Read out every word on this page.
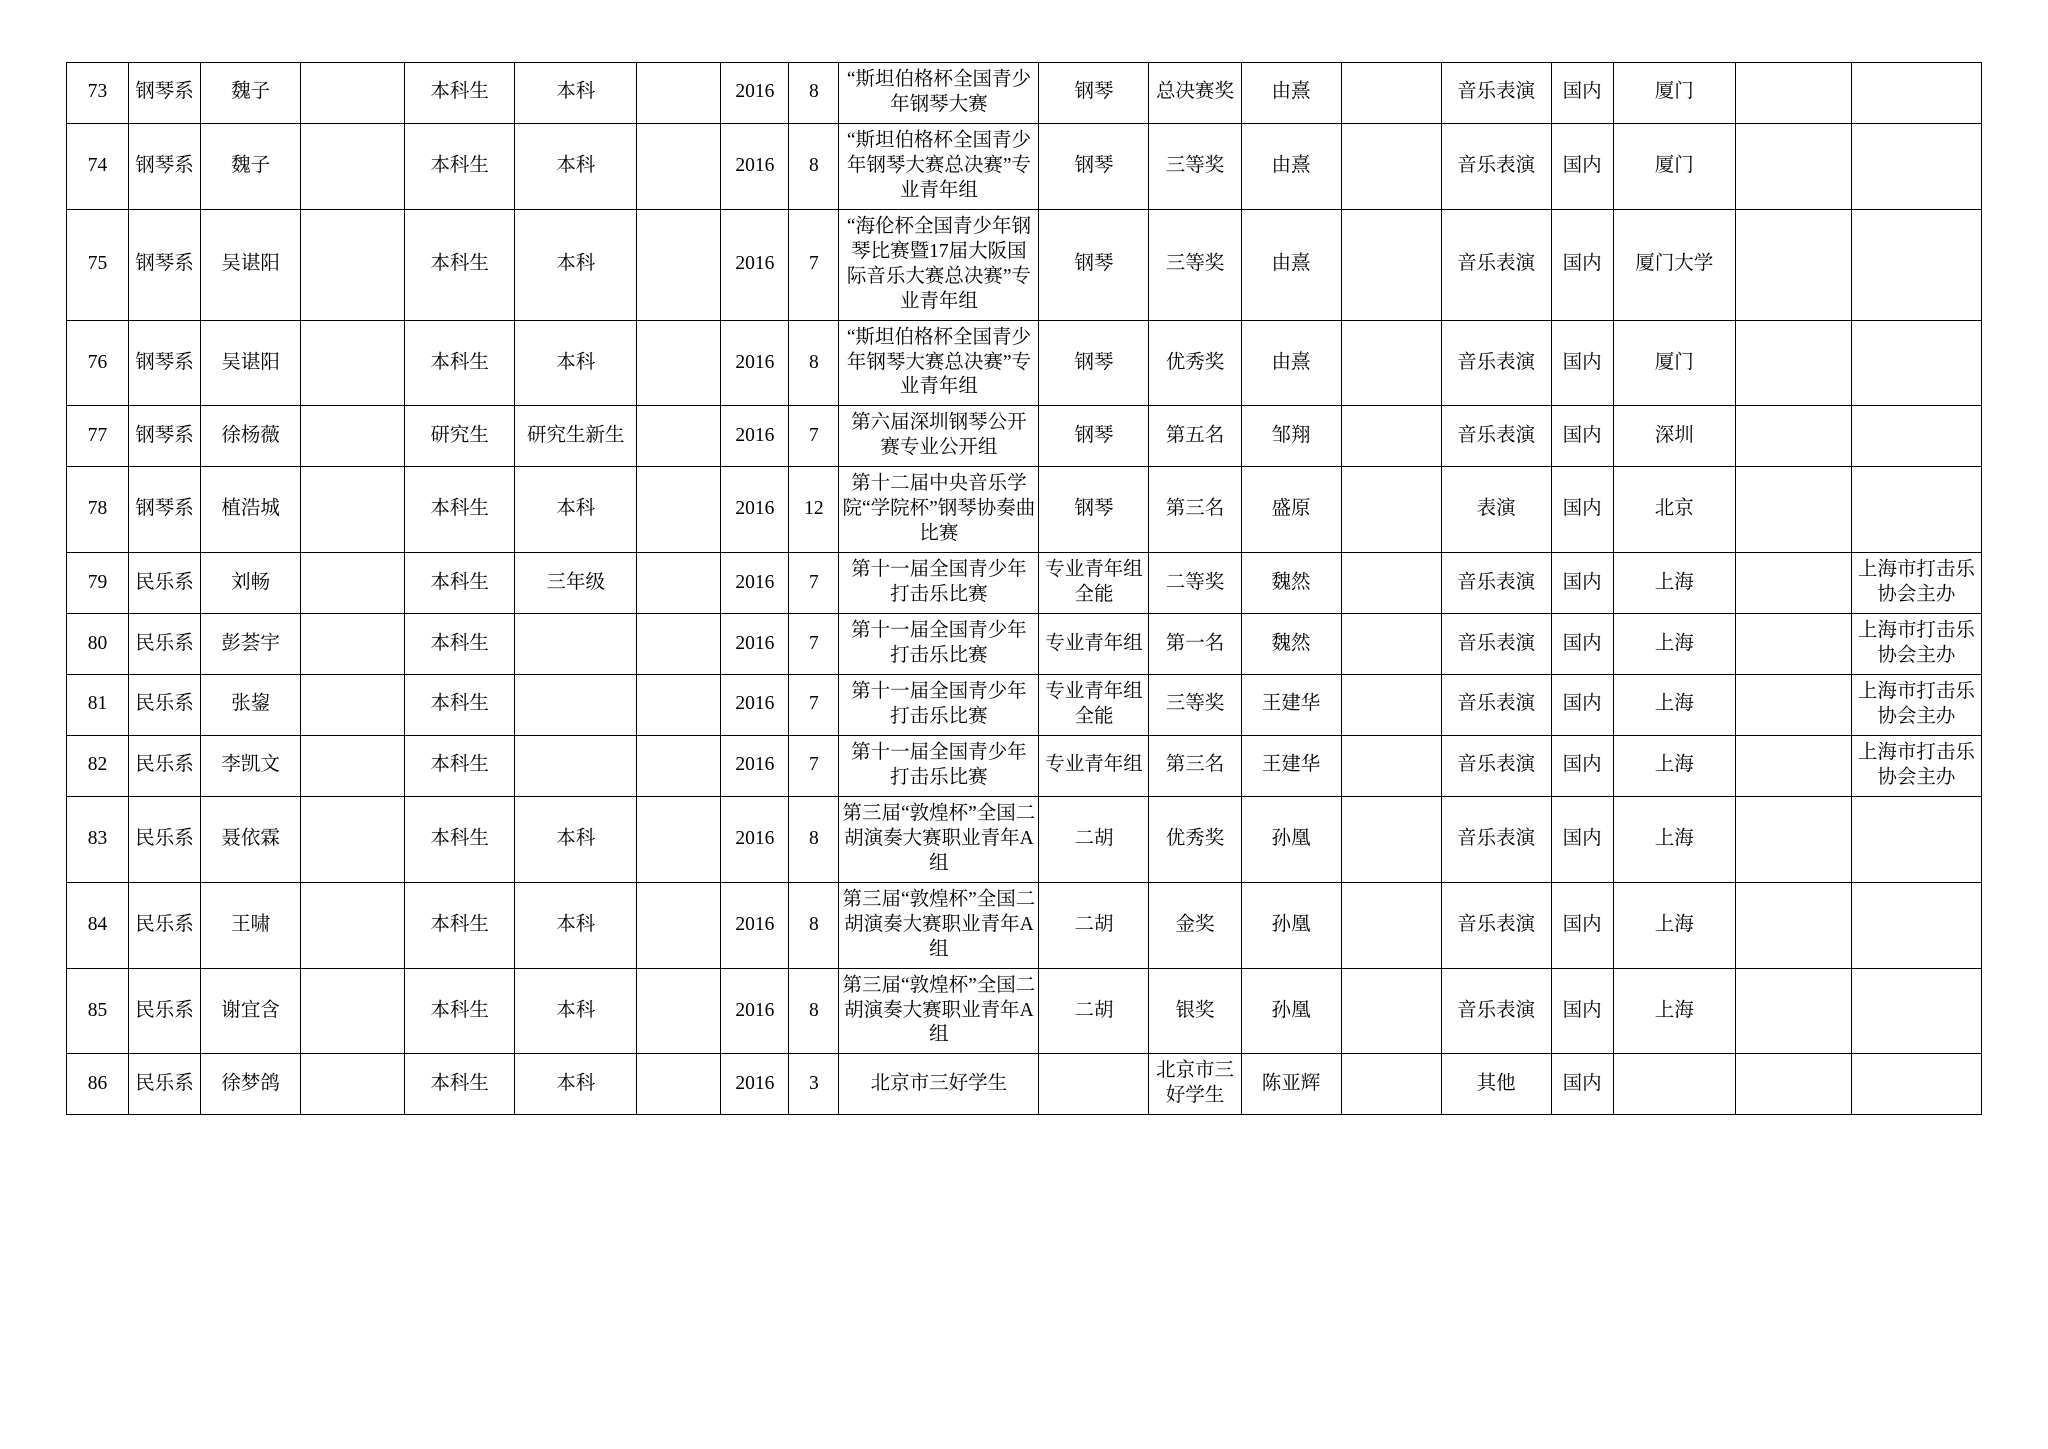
73	钢琴系	魏子		本科生	本科		2016	8	“斯坦伯格杯全国青少年钢琴大赛	钢琴	总决赛奖	由熹		音乐表演	国内	厦门		
74	钢琴系	魏子		本科生	本科		2016	8	“斯坦伯格杯全国青少年钢琴大赛总决赛”专业青年组	钢琴	三等奖	由熹		音乐表演	国内	厦门		
75	钢琴系	吴谌阳		本科生	本科		2016	7	“海伦杯全国青少年钢琴比赛暨17届大阪国际音乐大赛总决赛”专业青年组	钢琴	三等奖	由熹		音乐表演	国内	厦门大学		
76	钢琴系	吴谌阳		本科生	本科		2016	8	“斯坦伯格杯全国青少年钢琴大赛总决赛”专业青年组	钢琴	优秀奖	由熹		音乐表演	国内	厦门		
77	钢琴系	徐杨薇		研究生	研究生新生		2016	7	第六届深圳钢琴公开赛专业公开组	钢琴	第五名	邹翔		音乐表演	国内	深圳		
78	钢琴系	植浩城		本科生	本科		2016	12	第十二届中央音乐学院“学院杯”钢琴协奏曲比赛	钢琴	第三名	盛原		表演	国内	北京		
79	民乐系	刘畅		本科生	三年级		2016	7	第十一届全国青少年打击乐比赛	专业青年组全能	二等奖	魏然		音乐表演	国内	上海		上海市打击乐协会主办
80	民乐系	彭荟宇		本科生			2016	7	第十一届全国青少年打击乐比赛	专业青年组	第一名	魏然		音乐表演	国内	上海		上海市打击乐协会主办
81	民乐系	张鋆		本科生			2016	7	第十一届全国青少年打击乐比赛	专业青年组全能	三等奖	王建华		音乐表演	国内	上海		上海市打击乐协会主办
82	民乐系	李凯文		本科生			2016	7	第十一届全国青少年打击乐比赛	专业青年组	第三名	王建华		音乐表演	国内	上海		上海市打击乐协会主办
83	民乐系	聂依霖		本科生	本科		2016	8	第三届“敦煌杯”全国二胡演奏大赛职业青年A组	二胡	优秀奖	孙凰		音乐表演	国内	上海		
84	民乐系	王啸		本科生	本科		2016	8	第三届“敦煌杯”全国二胡演奏大赛职业青年A组	二胡	金奖	孙凰		音乐表演	国内	上海		
85	民乐系	谢宜含		本科生	本科		2016	8	第三届“敦煌杯”全国二胡演奏大赛职业青年A组	二胡	银奖	孙凰		音乐表演	国内	上海		
86	民乐系	徐梦鸽		本科生	本科		2016	3	北京市三好学生		北京市三好学生	陈亚辉		其他	国内			
